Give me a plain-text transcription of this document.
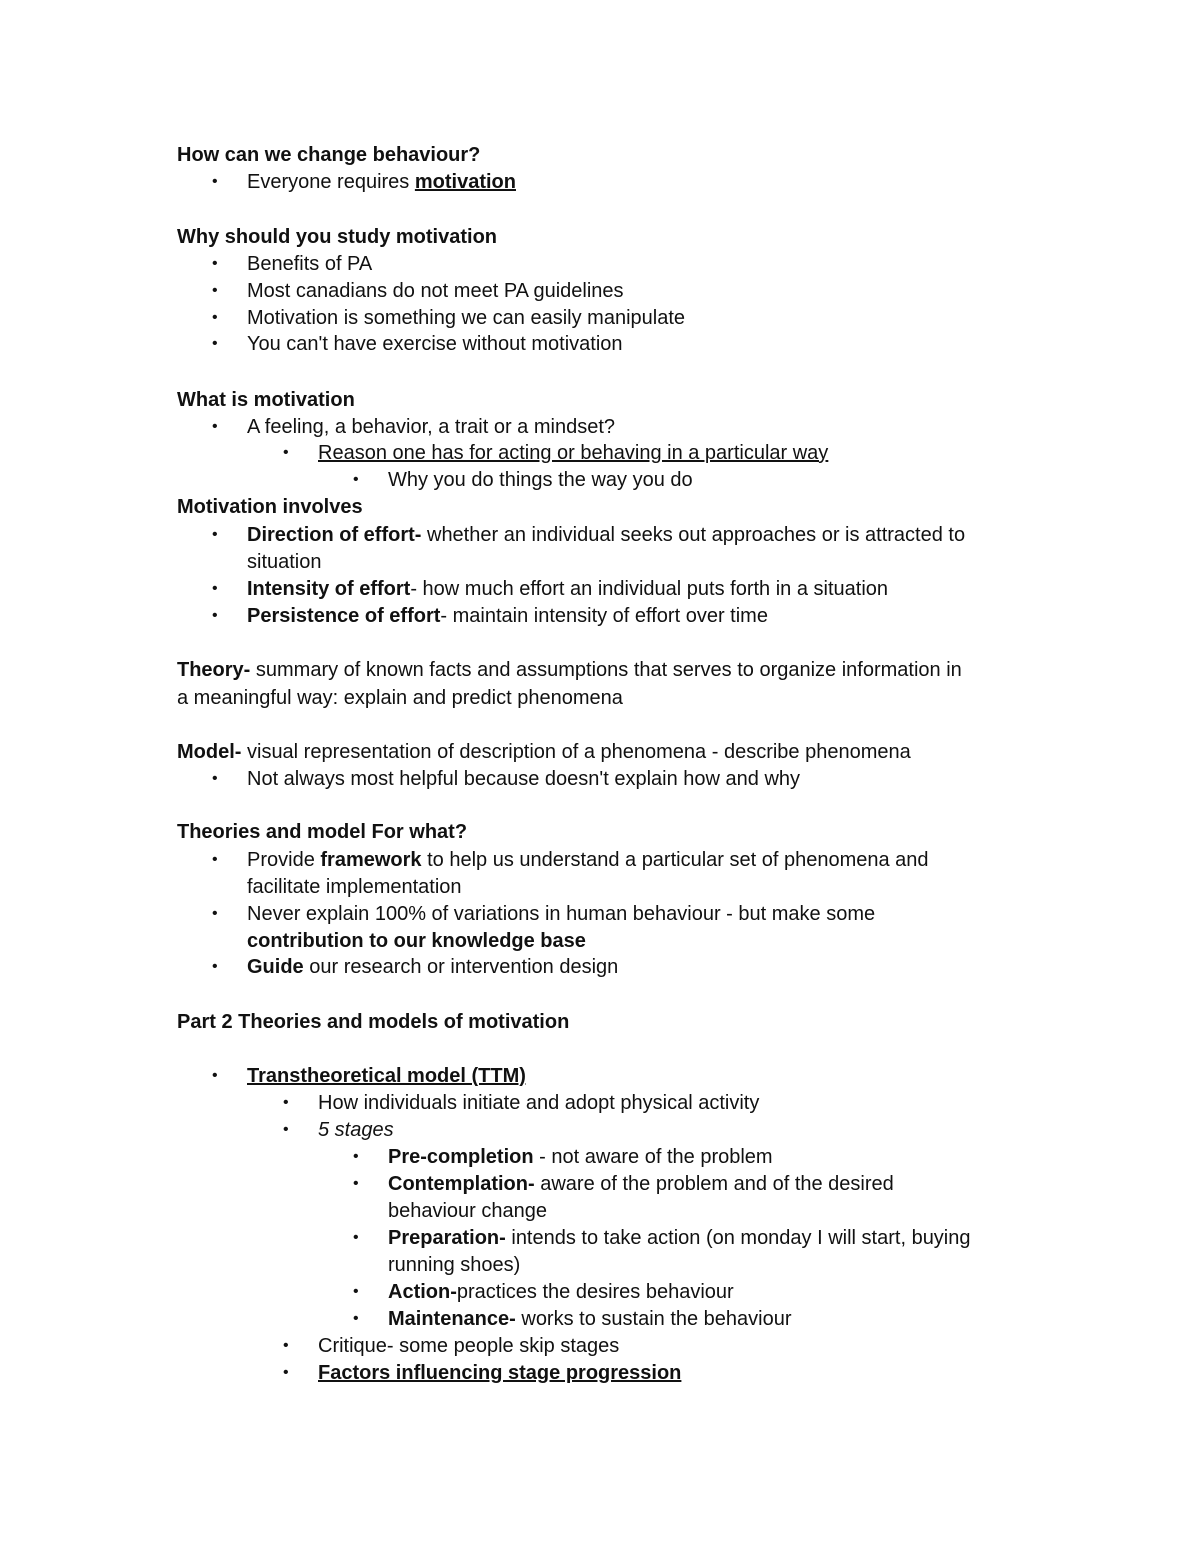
How can we change behaviour?
• Everyone requires motivation
Why should you study motivation
• Benefits of PA
• Most canadians do not meet PA guidelines
• Motivation is something we can easily manipulate
• You can't have exercise without motivation
What is motivation
• A feeling, a behavior, a trait or a mindset?
• Reason one has for acting or behaving in a particular way
• Why you do things the way you do
Motivation involves
• Direction of effort- whether an individual seeks out approaches or is attracted to
situation
• Intensity of effort- how much effort an individual puts forth in a situation
• Persistence of effort- maintain intensity of effort over time
Theory- summary of known facts and assumptions that serves to organize information in
a meaningful way: explain and predict phenomena
Model- visual representation of description of a phenomena - describe phenomena
• Not always most helpful because doesn't explain how and why
Theories and model For what?
• Provide framework to help us understand a particular set of phenomena and
facilitate implementation
• Never explain 100% of variations in human behaviour - but make some
contribution to our knowledge base
• Guide our research or intervention design
Part 2 Theories and models of motivation
• Transtheoretical model (TTM)
• How individuals initiate and adopt physical activity
• 5 stages
• Pre-completion - not aware of the problem
• Contemplation- aware of the problem and of the desired
behaviour change
• Preparation- intends to take action (on monday I will start, buying
running shoes)
• Action-practices the desires behaviour
• Maintenance- works to sustain the behaviour
• Critique- some people skip stages
• Factors influencing stage progression
